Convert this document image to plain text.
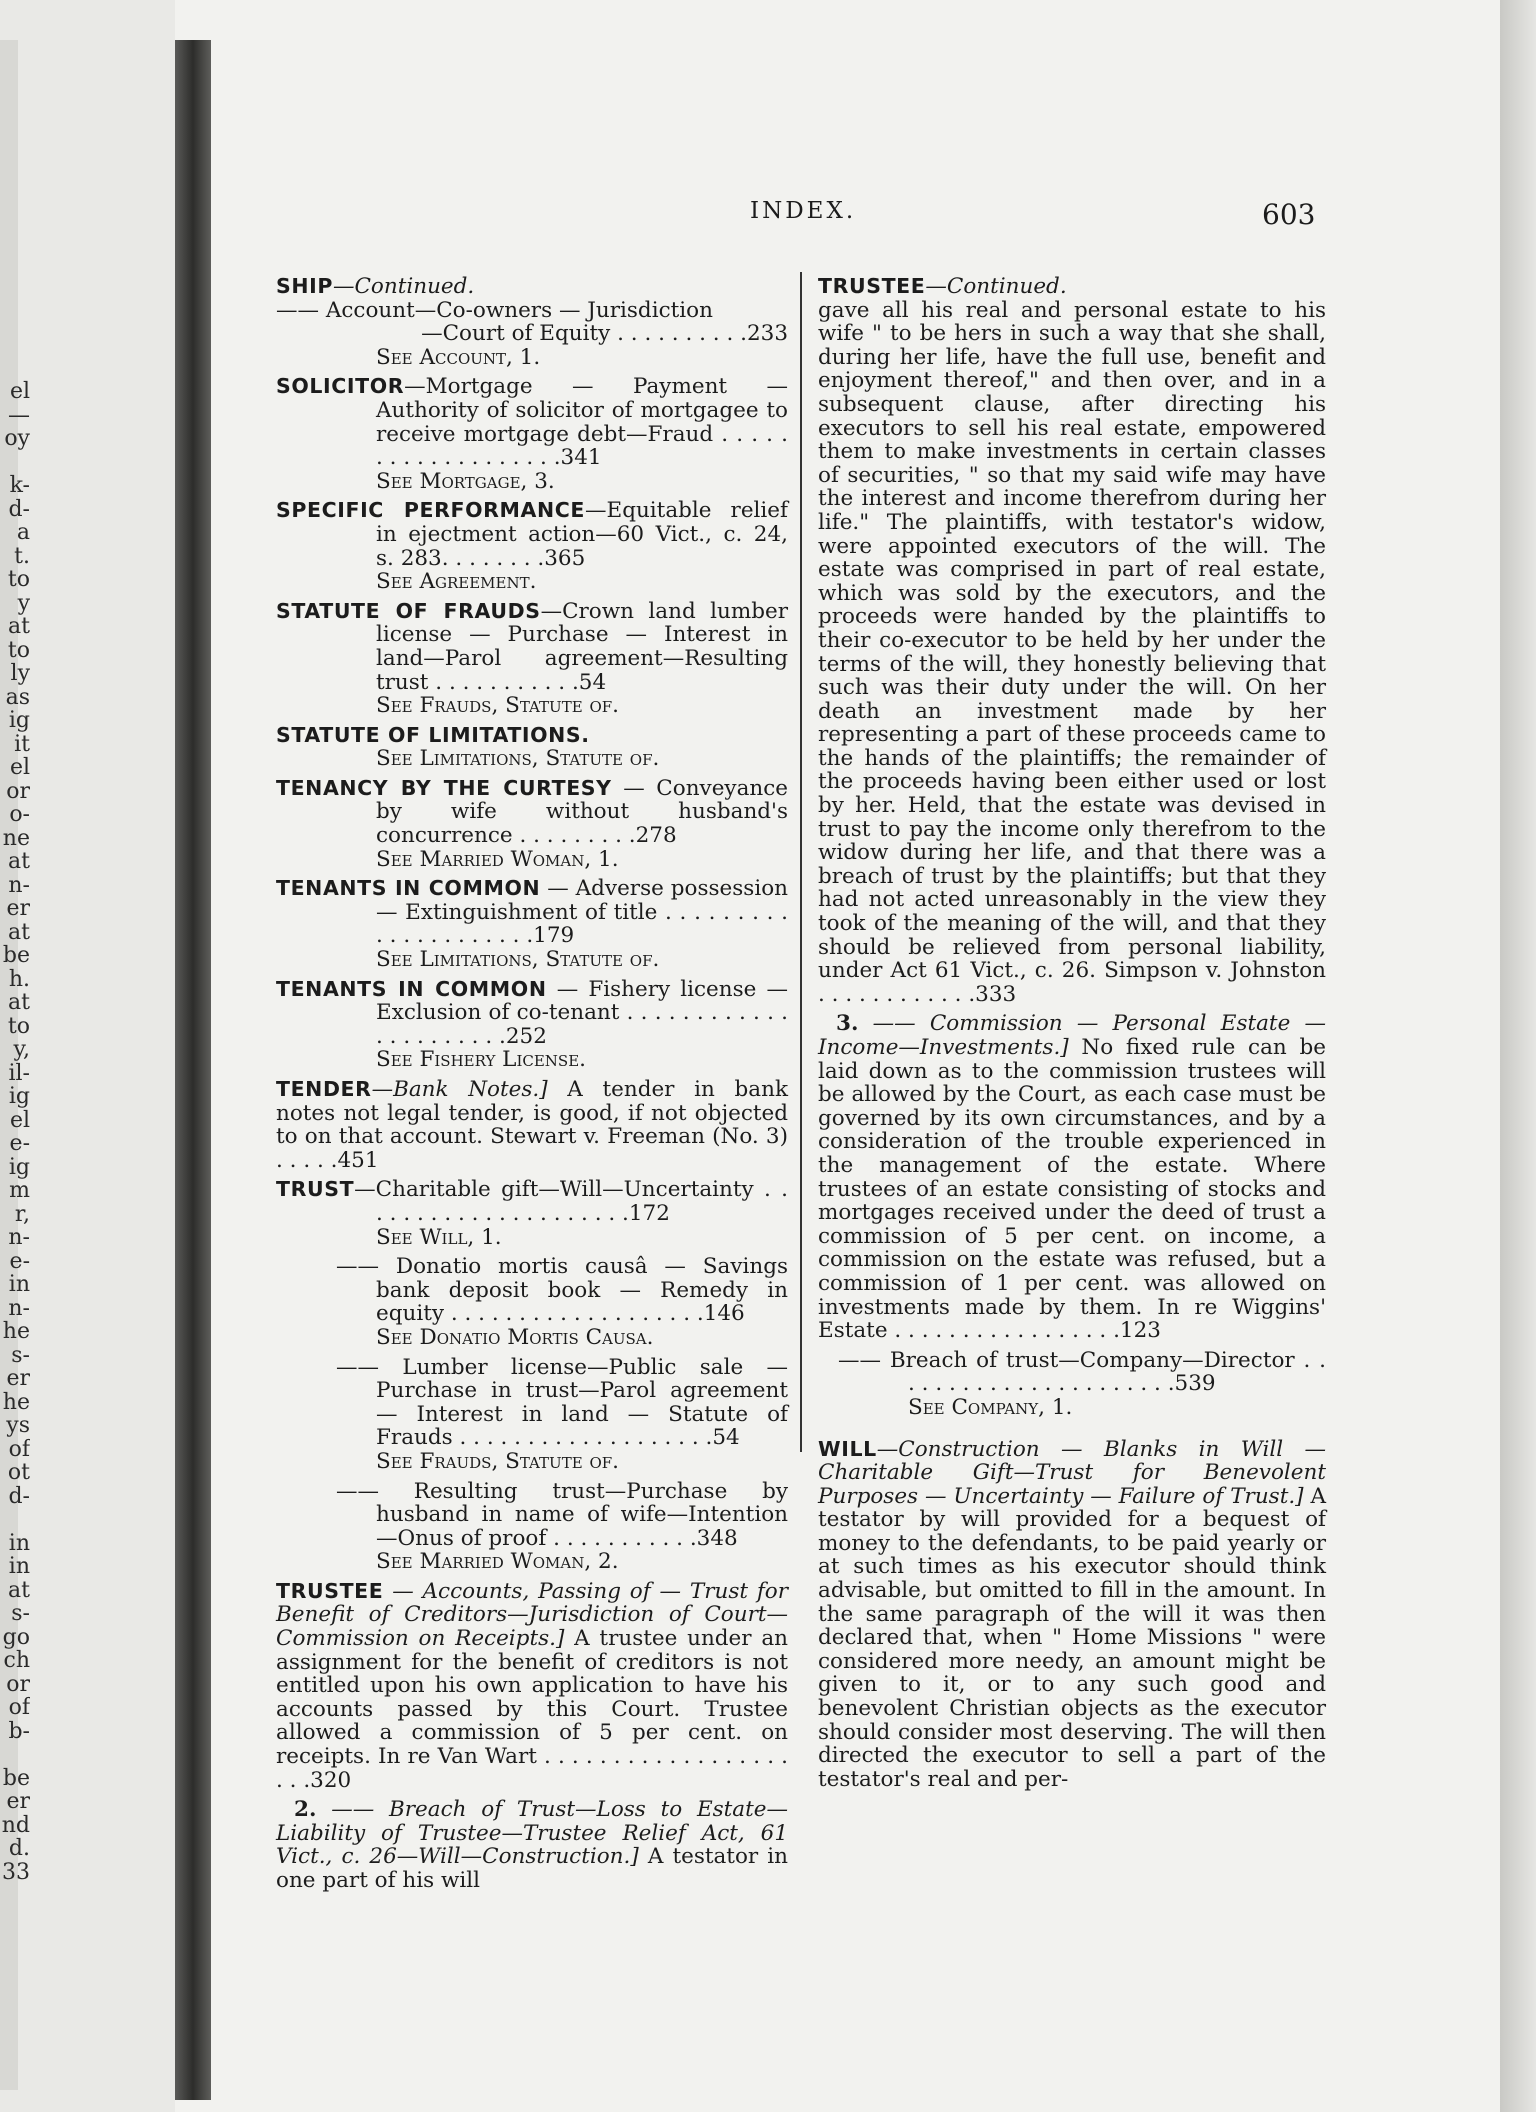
el
—
oy
k-
d-
a
t.
to
y
at
to
ly
as
ig
it
el
or
o-
ne
at
n-
er
at
be
h.
at
to
y,
il-
ig
el
e-
ig
m
r,
n-
e-
in
n-
he
s-
er
he
ys
of
ot
d-
in
in
at
s-
go
ch
or
of
b-
be
er
nd
d.
33
INDEX.	603
SHIP—Continued.
—— Account—Co-owners — Jurisdiction
—Court of Equity . . . . . . . . . .233
See Account, 1.
SOLICITOR—Mortgage — Payment — Authority of solicitor of mortgagee to receive mortgage debt—Fraud . . . . . . . . . . . . . . . . . . .341
See Mortgage, 3.
SPECIFIC PERFORMANCE—Equitable relief in ejectment action—60 Vict., c. 24, s. 283. . . . . . . .365
See Agreement.
STATUTE OF FRAUDS—Crown land lumber license — Purchase — Interest in land—Parol agreement—Resulting trust . . . . . . . . . . .54
See Frauds, Statute of.
STATUTE OF LIMITATIONS.
See Limitations, Statute of.
TENANCY BY THE CURTESY — Conveyance by wife without husband's concurrence . . . . . . . . .278
See Married Woman, 1.
TENANTS IN COMMON — Adverse possession — Extinguishment of title . . . . . . . . . . . . . . . . . . . . .179
See Limitations, Statute of.
TENANTS IN COMMON — Fishery license — Exclusion of co-tenant . . . . . . . . . . . . . . . . . . . . . .252
See Fishery License.
TENDER—Bank Notes.] A tender in bank notes not legal tender, is good, if not objected to on that account. Stewart v. Freeman (No. 3) . . . . .451
TRUST—Charitable gift—Will—Uncertainty . . . . . . . . . . . . . . . . . . . . .172
See Will, 1.
—— Donatio mortis causâ — Savings bank deposit book — Remedy in equity . . . . . . . . . . . . . . . . . . .146
See Donatio Mortis Causa.
—— Lumber license—Public sale — Purchase in trust—Parol agreement — Interest in land — Statute of Frauds . . . . . . . . . . . . . . . . . . .54
See Frauds, Statute of.
—— Resulting trust—Purchase by husband in name of wife—Intention —Onus of proof . . . . . . . . . . .348
See Married Woman, 2.
TRUSTEE — Accounts, Passing of — Trust for Benefit of Creditors—Jurisdiction of Court—Commission on Receipts.] A trustee under an assignment for the benefit of creditors is not entitled upon his own application to have his accounts passed by this Court. Trustee allowed a commission of 5 per cent. on receipts. In re Van Wart . . . . . . . . . . . . . . . . . . . . .320
2. —— Breach of Trust—Loss to Estate—Liability of Trustee—Trustee Relief Act, 61 Vict., c. 26—Will—Construction.] A testator in one part of his will
TRUSTEE—Continued.
gave all his real and personal estate to his wife " to be hers in such a way that she shall, during her life, have the full use, benefit and enjoyment thereof," and then over, and in a subsequent clause, after directing his executors to sell his real estate, empowered them to make investments in certain classes of securities, " so that my said wife may have the interest and income therefrom during her life." The plaintiffs, with testator's widow, were appointed executors of the will. The estate was comprised in part of real estate, which was sold by the executors, and the proceeds were handed by the plaintiffs to their co-executor to be held by her under the terms of the will, they honestly believing that such was their duty under the will. On her death an investment made by her representing a part of these proceeds came to the hands of the plaintiffs; the remainder of the proceeds having been either used or lost by her. Held, that the estate was devised in trust to pay the income only therefrom to the widow during her life, and that there was a breach of trust by the plaintiffs; but that they had not acted unreasonably in the view they took of the meaning of the will, and that they should be relieved from personal liability, under Act 61 Vict., c. 26. Simpson v. Johnston . . . . . . . . . . . .333
3. —— Commission — Personal Estate —Income—Investments.] No fixed rule can be laid down as to the commission trustees will be allowed by the Court, as each case must be governed by its own circumstances, and by a consideration of the trouble experienced in the management of the estate. Where trustees of an estate consisting of stocks and mortgages received under the deed of trust a commission of 5 per cent. on income, a commission on the estate was refused, but a commission of 1 per cent. was allowed on investments made by them. In re Wiggins' Estate . . . . . . . . . . . . . . . . .123
—— Breach of trust—Company—Director . . . . . . . . . . . . . . . . . . . . . .539
See Company, 1.
WILL—Construction — Blanks in Will —Charitable Gift—Trust for Benevolent Purposes — Uncertainty — Failure of Trust.] A testator by will provided for a bequest of money to the defendants, to be paid yearly or at such times as his executor should think advisable, but omitted to fill in the amount. In the same paragraph of the will it was then declared that, when " Home Missions " were considered more needy, an amount might be given to it, or to any such good and benevolent Christian objects as the executor should consider most deserving. The will then directed the executor to sell a part of the testator's real and per-
